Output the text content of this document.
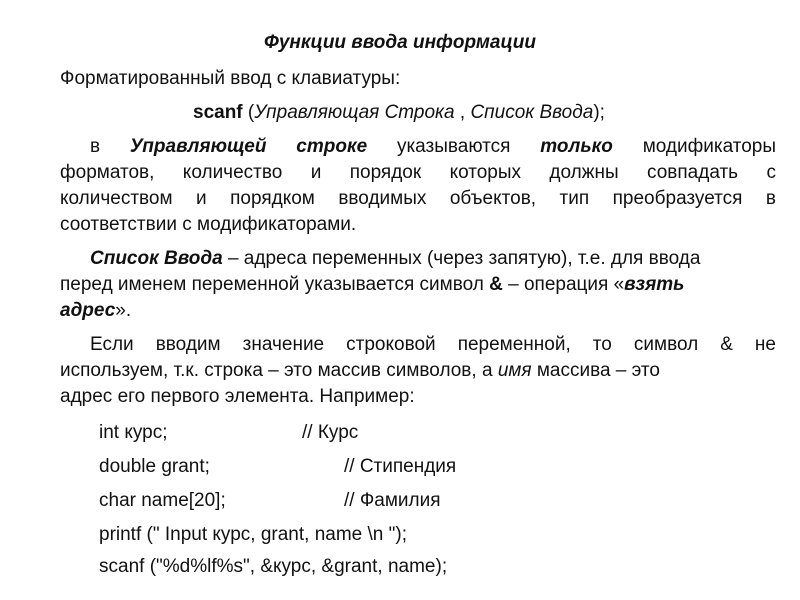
Функции ввода информации
Форматированный ввод с клавиатуры:
scanf (Управляющая Строка , Список Ввода);
в Управляющей строке указываются только модификаторы
форматов, количество и порядок которых должны совпадать с
количеством и порядком вводимых объектов, тип преобразуется в
соответствии с модификаторами.
Список Ввода – адреса переменных (через запятую), т.е. для ввода
перед именем переменной указывается символ & – операция «взять
адрес».
Если вводим значение строковой переменной, то символ & не
используем, т.к. строка – это массив символов, а имя массива – это
адрес его первого элемента. Например:
int курс;	// Курс
double grant;	// Стипендия
char name[20];	// Фамилия
printf (" Input курс, grant, name \n ");
scanf ("%d%lf%s", &курс, &grant, name);
